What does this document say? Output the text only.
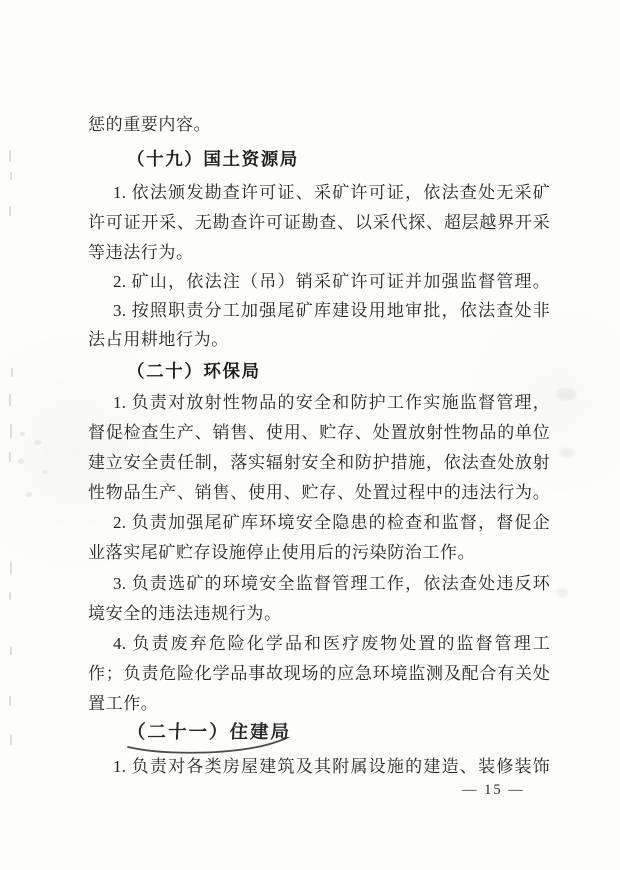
惩的重要内容。
（十九）国土资源局
1. 依法颁发勘查许可证、采矿许可证，依法查处无采矿
许可证开采、无勘查许可证勘查、以采代探、超层越界开采
等违法行为。
2. 矿山，依法注（吊）销采矿许可证并加强监督管理。
3. 按照职责分工加强尾矿库建设用地审批，依法查处非
法占用耕地行为。
（二十）环保局
1. 负责对放射性物品的安全和防护工作实施监督管理，
督促检查生产、销售、使用、贮存、处置放射性物品的单位
建立安全责任制，落实辐射安全和防护措施，依法查处放射
性物品生产、销售、使用、贮存、处置过程中的违法行为。
2. 负责加强尾矿库环境安全隐患的检查和监督，督促企
业落实尾矿贮存设施停止使用后的污染防治工作。
3. 负责选矿的环境安全监督管理工作，依法查处违反环
境安全的违法违规行为。
4. 负责废弃危险化学品和医疗废物处置的监督管理工
作；负责危险化学品事故现场的应急环境监测及配合有关处
置工作。
（二十一）住建局
1. 负责对各类房屋建筑及其附属设施的建造、装修装饰
— 15 —
